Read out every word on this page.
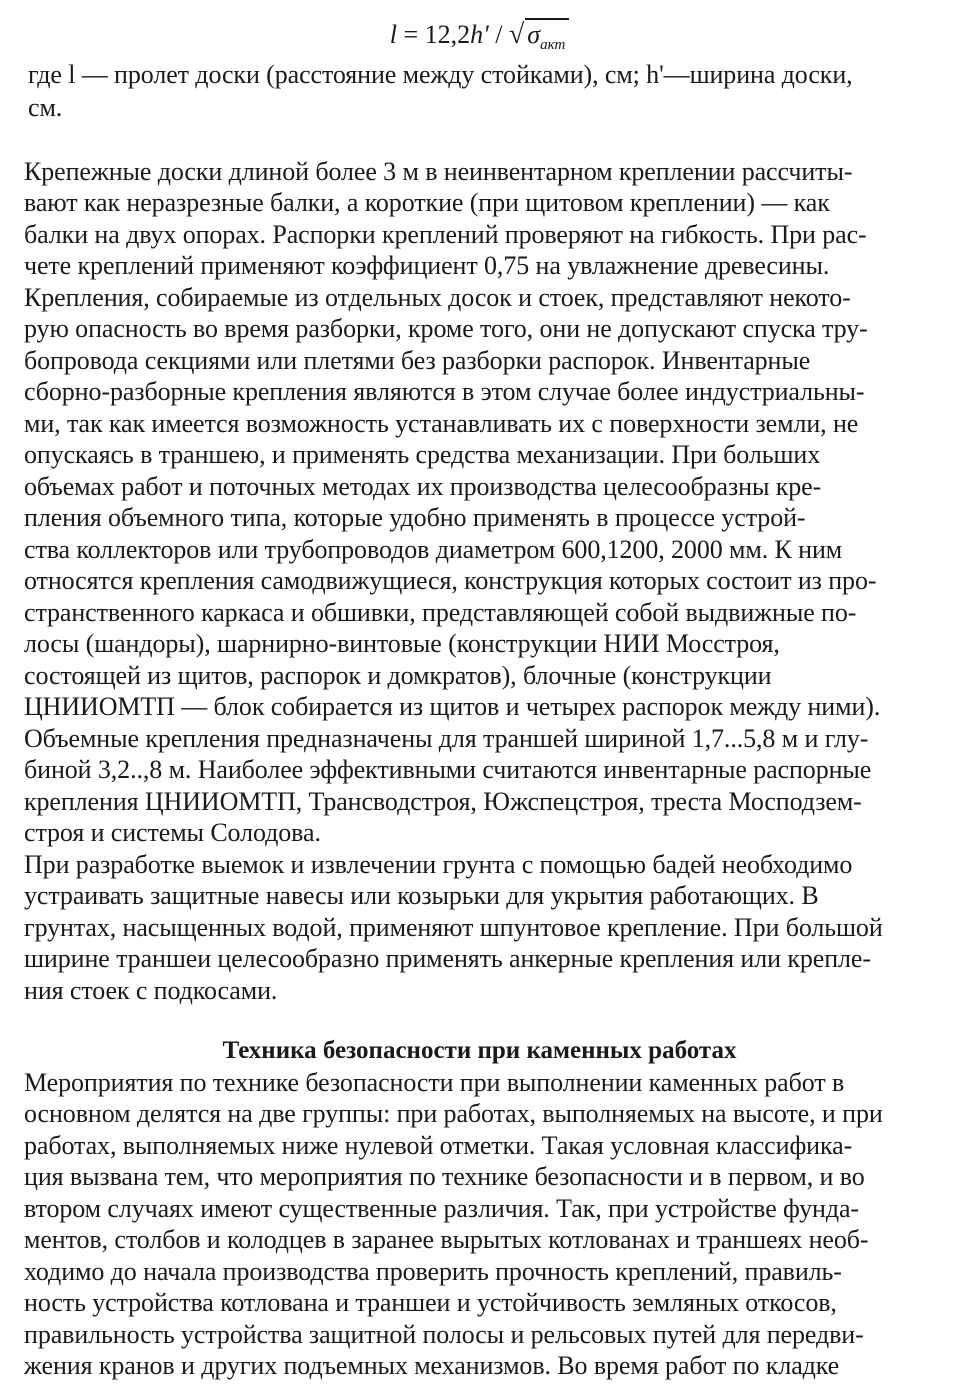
l = 12,2h' / √ $\sigma_{акт}$
где l — пролет доски (расстояние между стойками), см; h'—ширина доски,
см.
Крепежные доски длиной более 3 м в неинвентарном креплении рассчиты-
вают как неразрезные балки, а короткие (при щитовом креплении) — как
балки на двух опорах. Распорки креплений проверяют на гибкость. При рас-
чете креплений применяют коэффициент 0,75 на увлажнение древесины.
Крепления, собираемые из отдельных досок и стоек, представляют некото-
рую опасность во время разборки, кроме того, они не допускают спуска тру-
бопровода секциями или плетями без разборки распорок. Инвентарные
сборно-разборные крепления являются в этом случае более индустриальны-
ми, так как имеется возможность устанавливать их с поверхности земли, не
опускаясь в траншею, и применять средства механизации. При больших
объемах работ и поточных методах их производства целесообразны кре-
пления объемного типа, которые удобно применять в процессе устрой-
ства коллекторов или трубопроводов диаметром 600,1200, 2000 мм. К ним
относятся крепления самодвижущиеся, конструкция которых состоит из про-
странственного каркаса и обшивки, представляющей собой выдвижные по-
лосы (шандоры), шарнирно-винтовые (конструкции НИИ Мосстроя,
состоящей из щитов, распорок и домкратов), блочные (конструкции
ЦНИИОМТП — блок собирается из щитов и четырех распорок между ними).
Объемные крепления предназначены для траншей шириной 1,7...5,8 м и глу-
биной 3,2..,8 м. Наиболее эффективными считаются инвентарные распорные
крепления ЦНИИОМТП, Трансводстроя, Южспецстроя, треста Мосподзем-
строя и системы Солодова.
При разработке выемок и извлечении грунта с помощью бадей необходимо
устраивать защитные навесы или козырьки для укрытия работающих. В
грунтах, насыщенных водой, применяют шпунтовое крепление. При большой
ширине траншеи целесообразно применять анкерные крепления или крепле-
ния стоек с подкосами.
Техника безопасности при каменных работах
Мероприятия по технике безопасности при выполнении каменных работ в
основном делятся на две группы: при работах, выполняемых на высоте, и при
работах, выполняемых ниже нулевой отметки. Такая условная классифика-
ция вызвана тем, что мероприятия по технике безопасности и в первом, и во
втором случаях имеют существенные различия. Так, при устройстве фунда-
ментов, столбов и колодцев в заранее вырытых котлованах и траншеях необ-
ходимо до начала производства проверить прочность креплений, правиль-
ность устройства котлована и траншеи и устойчивость земляных откосов,
правильность устройства защитной полосы и рельсовых путей для передви-
жения кранов и других подъемных механизмов. Во время работ по кладке
